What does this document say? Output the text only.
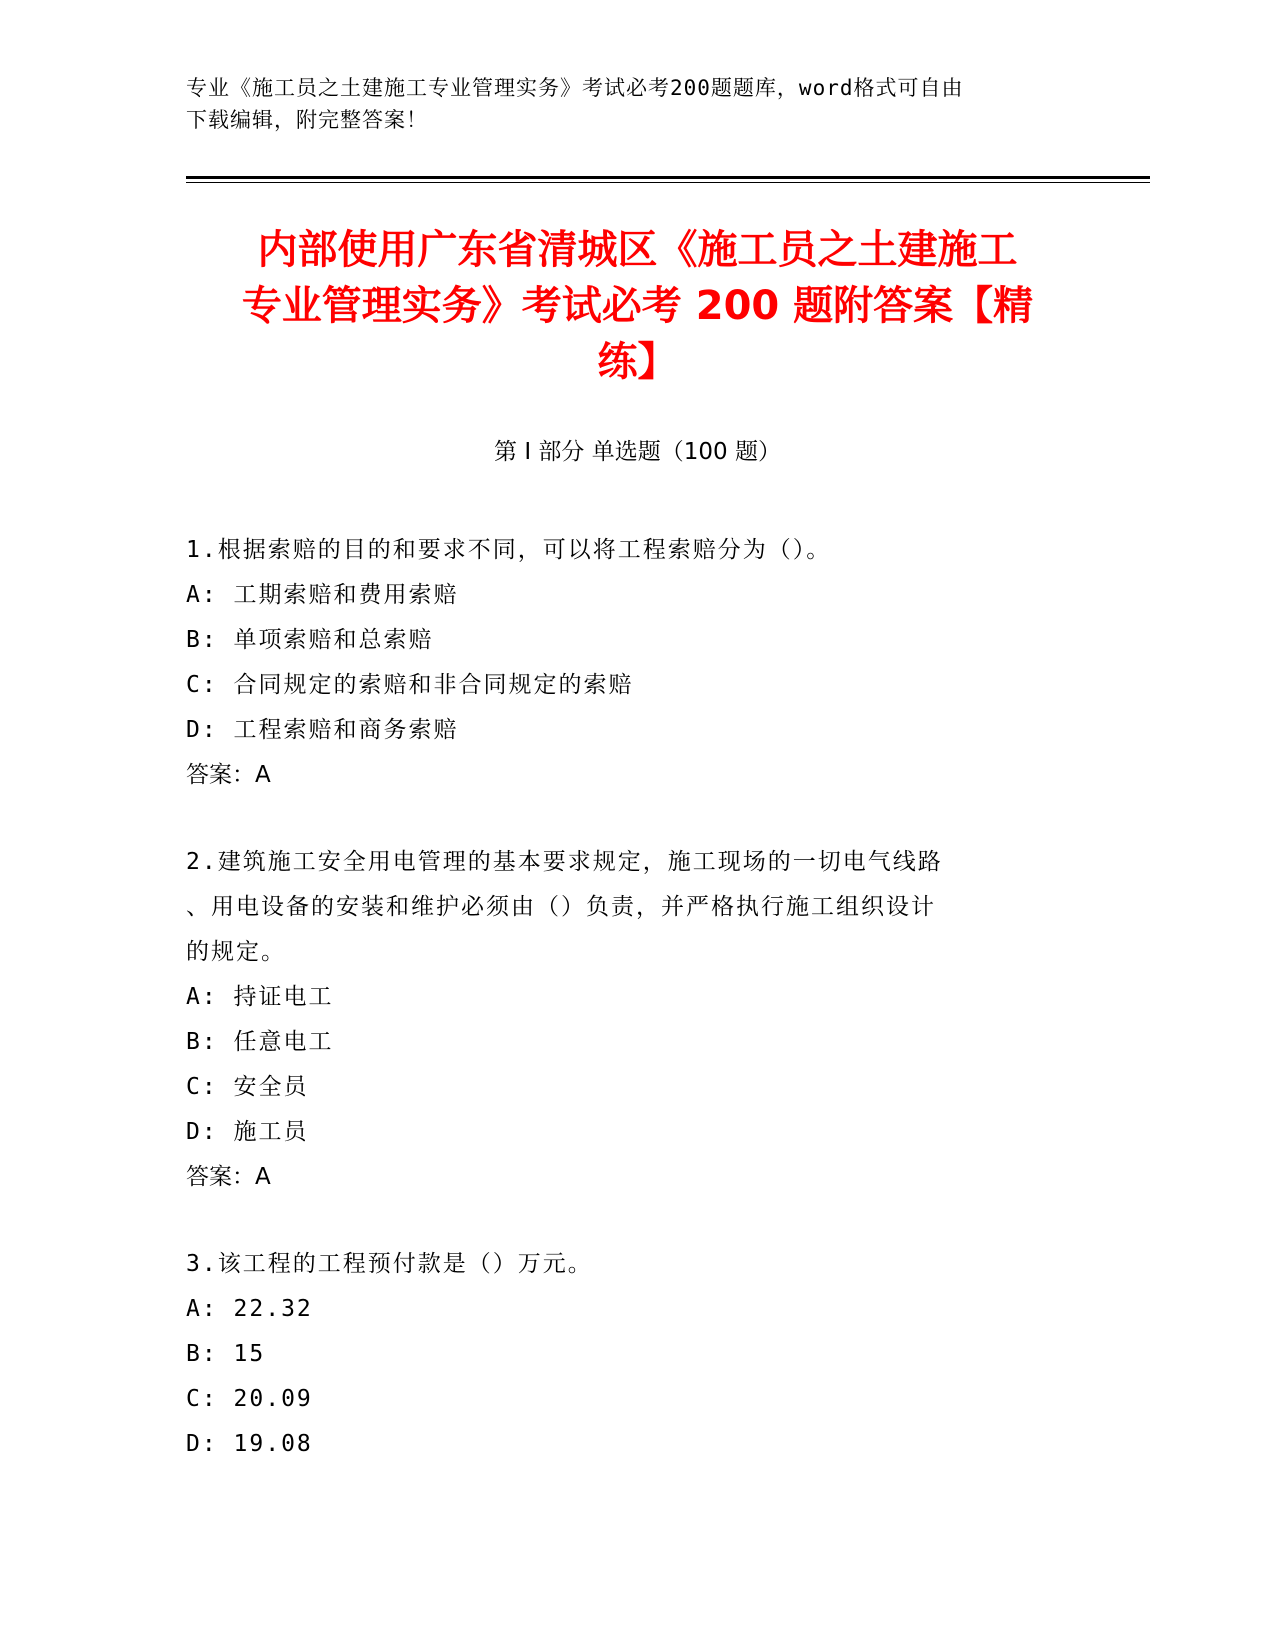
专业《施工员之土建施工专业管理实务》考试必考200题题库，word格式可自由
下载编辑，附完整答案！
内部使用广东省清城区《施工员之土建施工
专业管理实务》考试必考 200 题附答案【精
练】
第 I 部分 单选题（100 题）

1.根据索赔的目的和要求不同，可以将工程索赔分为（）。

A: 工期索赔和费用索赔

B: 单项索赔和总索赔

C: 合同规定的索赔和非合同规定的索赔

D: 工程索赔和商务索赔

答案：A

2.建筑施工安全用电管理的基本要求规定，施工现场的一切电气线路

、用电设备的安装和维护必须由（）负责，并严格执行施工组织设计

的规定。

A: 持证电工

B: 任意电工

C: 安全员

D: 施工员

答案：A

3.该工程的工程预付款是（）万元。

A: 22.32

B: 15

C: 20.09

D: 19.08
